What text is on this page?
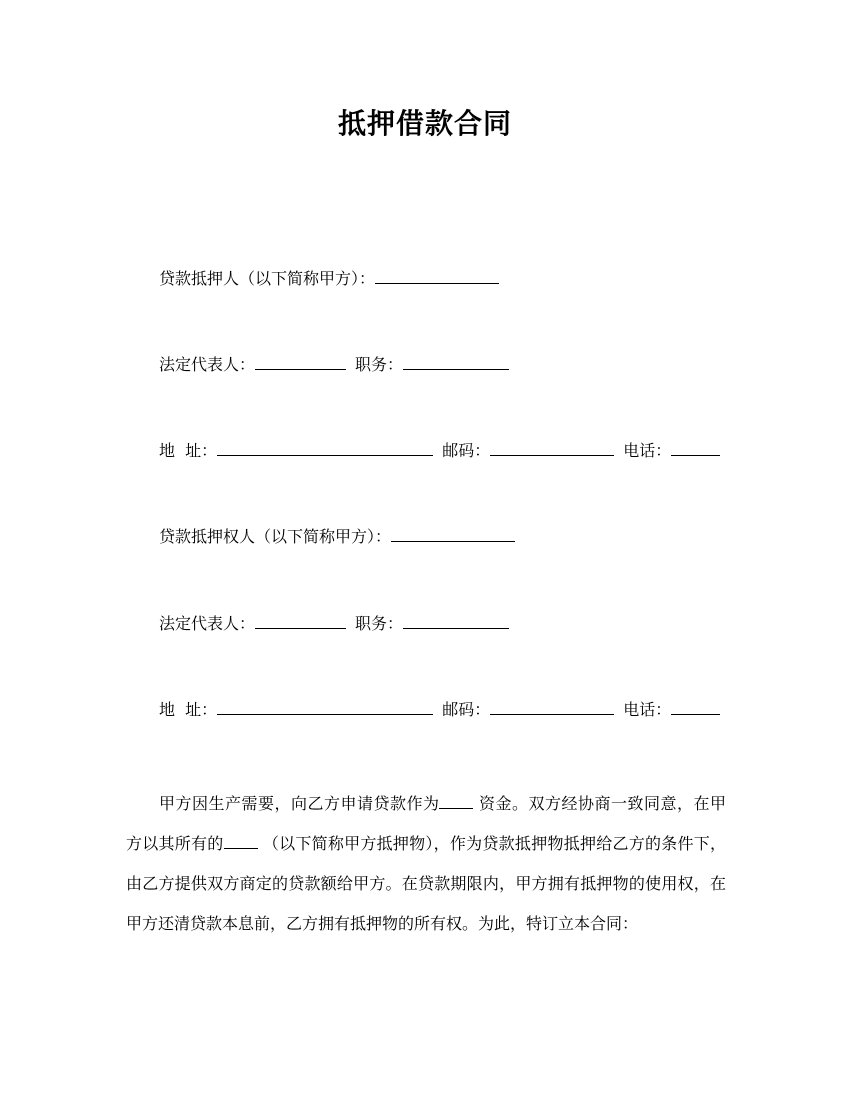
抵押借款合同
贷款抵押人（以下简称甲方）：
法定代表人：	职务：
地  址：	邮码：	电话：
贷款抵押权人（以下简称甲方）：
法定代表人：	职务：
地  址：	邮码：	电话：

甲方因生产需要，向乙方申请贷款作为 资金。双方经协商一致同意，在甲方以其所有的 （以下简称甲方抵押物），作为贷款抵押物抵押给乙方的条件下，由乙方提供双方商定的贷款额给甲方。在贷款期限内，甲方拥有抵押物的使用权，在甲方还清贷款本息前，乙方拥有抵押物的所有权。为此，特订立本合同：
